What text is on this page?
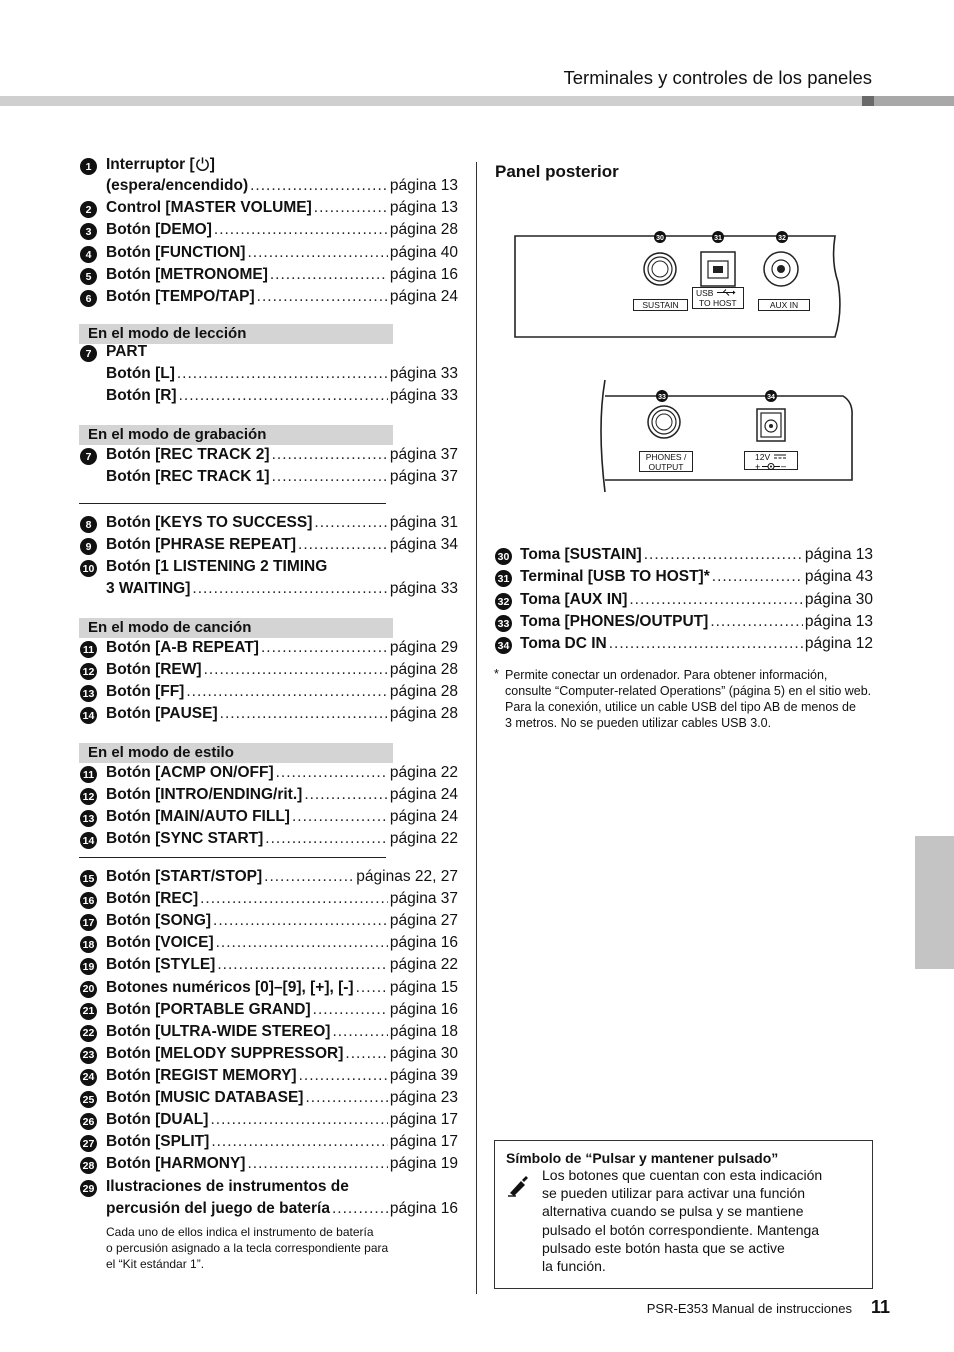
Terminales y controles de los paneles
1 Interruptor [ ]
(espera/encendido) .....	página 13
2 Control [MASTER VOLUME] .....	página 13
3 Botón [DEMO] .....	página 28
4 Botón [FUNCTION] .....	página 40
5 Botón [METRONOME] .....	página 16
6 Botón [TEMPO/TAP] .....	página 24
En el modo de lección
7 PART
Botón [L] .....	página 33
Botón [R] .....	página 33
En el modo de grabación
7 Botón [REC TRACK 2] .....	página 37
Botón [REC TRACK 1] .....	página 37
8 Botón [KEYS TO SUCCESS] .....	página 31
9 Botón [PHRASE REPEAT] .....	página 34
10 Botón [1 LISTENING 2 TIMING
3 WAITING] .....	página 33
En el modo de canción
11 Botón [A-B REPEAT] .....	página 29
12 Botón [REW] .....	página 28
13 Botón [FF] .....	página 28
14 Botón [PAUSE] .....	página 28
En el modo de estilo
11 Botón [ACMP ON/OFF] .....	página 22
12 Botón [INTRO/ENDING/rit.] .....	página 24
13 Botón [MAIN/AUTO FILL] .....	página 24
14 Botón [SYNC START] .....	página 22
15 Botón [START/STOP] .....	páginas 22, 27
16 Botón [REC] .....	página 37
17 Botón [SONG] .....	página 27
18 Botón [VOICE] .....	página 16
19 Botón [STYLE] .....	página 22
20 Botones numéricos [0]–[9], [+], [-] ..... página 15
21 Botón [PORTABLE GRAND] .....	página 16
22 Botón [ULTRA-WIDE STEREO] .....	página 18
23 Botón [MELODY SUPPRESSOR] .....	página 30
24 Botón [REGIST MEMORY] .....	página 39
25 Botón [MUSIC DATABASE] .....	página 23
26 Botón [DUAL] .....	página 17
27 Botón [SPLIT] .....	página 17
28 Botón [HARMONY] .....	página 19
29 Ilustraciones de instrumentos de
percusión del juego de batería .....	página 16
Cada uno de ellos indica el instrumento de batería
o percusión asignado a la tecla correspondiente para
el “Kit estándar 1”.
Panel posterior
30	31	32
SUSTAIN
USB
TO HOST	AUX IN
33	34
PHONES /
OUTPUT
12V

+ –
30 Toma [SUSTAIN] .....	página 13
31 Terminal [USB TO HOST]* .....	página 43
32 Toma [AUX IN] .....	página 30
33 Toma [PHONES/OUTPUT] .....	página 13
34 Toma DC IN .....	página 12
* Permite conectar un ordenador. Para obtener información,
consulte “Computer-related Operations” (página 5) en el sitio web.
Para la conexión, utilice un cable USB del tipo AB de menos de
3 metros. No se pueden utilizar cables USB 3.0.
Símbolo de “Pulsar y mantener pulsado”
Los botones que cuentan con esta indicación
se pueden utilizar para activar una función
alternativa cuando se pulsa y se mantiene
pulsado el botón correspondiente. Mantenga
pulsado este botón hasta que se active
la función.
PSR-E353 Manual de instrucciones 11
